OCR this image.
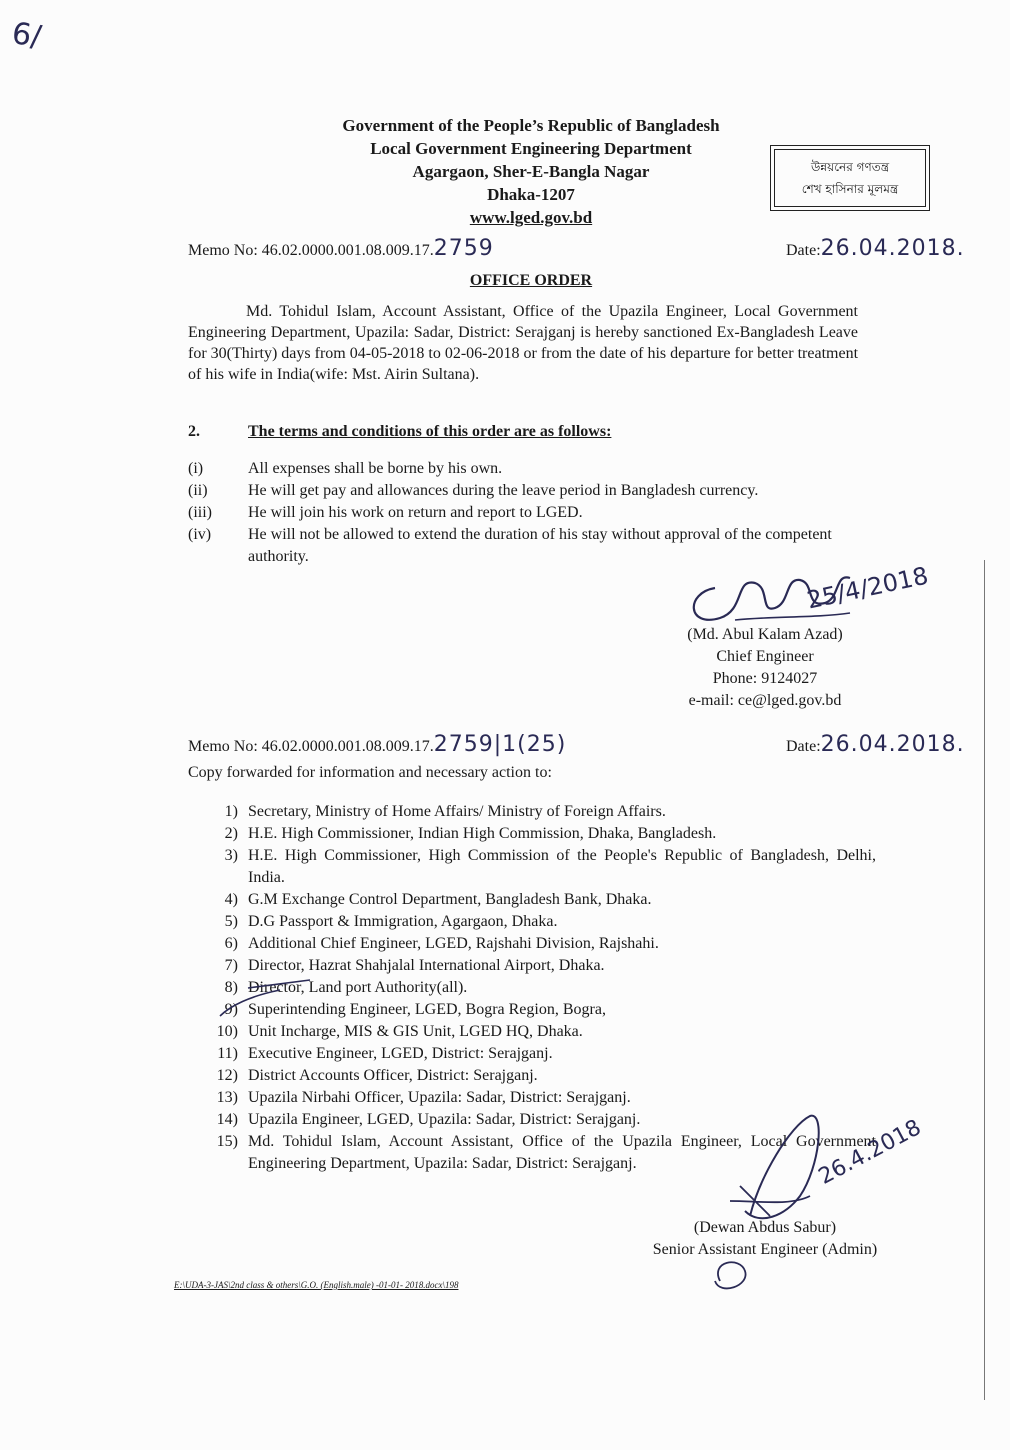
6/
Government of the People’s Republic of Bangladesh
Local Government Engineering Department
Agargaon, Sher-E-Bangla Nagar
Dhaka-1207
www.lged.gov.bd
উন্নয়নের গণতন্ত্র
শেখ হাসিনার মূলমন্ত্র
Memo No: 46.02.0000.001.08.009.17.2759	Date:26.04.2018.
OFFICE ORDER
Md. Tohidul Islam, Account Assistant, Office of the Upazila Engineer, Local Government Engineering Department, Upazila: Sadar, District: Serajganj is hereby sanctioned Ex-Bangladesh Leave for 30(Thirty) days from 04-05-2018 to 02-06-2018 or from the date of his departure for better treatment of his wife in India(wife: Mst. Airin Sultana).
2.	The terms and conditions of this order are as follows:
(i)	All expenses shall be borne by his own.
(ii)	He will get pay and allowances during the leave period in Bangladesh currency.
(iii) He will join his work on return and report to LGED.
(iv) He will not be allowed to extend the duration of his stay without approval of the competent authority.
25/4/2018
(Md. Abul Kalam Azad)
Chief Engineer
Phone: 9124027
e-mail: ce@lged.gov.bd
Memo No: 46.02.0000.001.08.009.17.2759|1(25)	Date:26.04.2018.
Copy forwarded for information and necessary action to:
1) Secretary, Ministry of Home Affairs/ Ministry of Foreign Affairs.
2) H.E. High Commissioner, Indian High Commission, Dhaka, Bangladesh.
3) H.E. High Commissioner, High Commission of the People's Republic of Bangladesh, Delhi, India.
4) G.M Exchange Control Department, Bangladesh Bank, Dhaka.
5) D.G Passport & Immigration, Agargaon, Dhaka.
6) Additional Chief Engineer, LGED, Rajshahi Division, Rajshahi.
7) Director, Hazrat Shahjalal International Airport, Dhaka.
8) Director, Land port Authority(all).
9) Superintending Engineer, LGED, Bogra Region, Bogra,
10) Unit Incharge, MIS & GIS Unit, LGED HQ, Dhaka.
11) Executive Engineer, LGED, District: Serajganj.
12) District Accounts Officer, District: Serajganj.
13) Upazila Nirbahi Officer, Upazila: Sadar, District: Serajganj.
14) Upazila Engineer, LGED, Upazila: Sadar, District: Serajganj.
15) Md. Tohidul Islam, Account Assistant, Office of the Upazila Engineer, Local Government Engineering Department, Upazila: Sadar, District: Serajganj.	26.4.2018
(Dewan Abdus Sabur)
Senior Assistant Engineer (Admin)
E:\UDA-3-JAS\2nd class & others\G.O. (English.male) -01-01- 2018.docx\198
